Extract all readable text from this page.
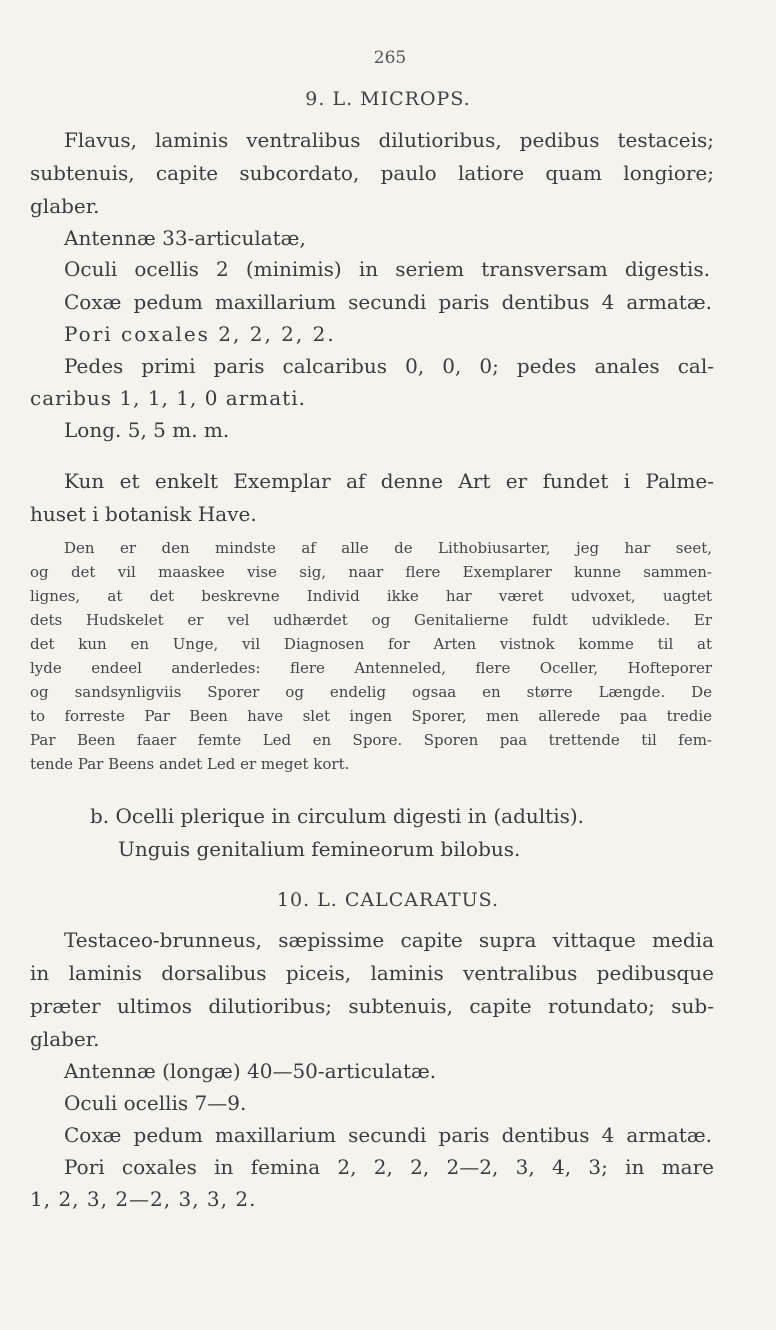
265
9. L. MICROPS.
Flavus, laminis ventralibus dilutioribus, pedibus testaceis;
subtenuis, capite subcordato, paulo latiore quam longiore;
glaber.
Antennæ 33-articulatæ,
Oculi ocellis 2 (minimis) in seriem transversam digestis.
Coxæ pedum maxillarium secundi paris dentibus 4 armatæ.
Pori coxales 2, 2, 2, 2.
Pedes primi paris calcaribus 0, 0, 0; pedes anales cal-
caribus 1, 1, 1, 0 armati.
Long. 5, 5 m. m.
Kun et enkelt Exemplar af denne Art er fundet i Palme-
huset i botanisk Have.
Den er den mindste af alle de Lithobiusarter, jeg har seet,
og det vil maaskee vise sig, naar flere Exemplarer kunne sammen-
lignes, at det beskrevne Individ ikke har været udvoxet, uagtet
dets Hudskelet er vel udhærdet og Genitalierne fuldt udviklede. Er
det kun en Unge, vil Diagnosen for Arten vistnok komme til at
lyde endeel anderledes: flere Antenneled, flere Oceller, Hofteporer
og sandsynligviis Sporer og endelig ogsaa en større Længde. De
to forreste Par Been have slet ingen Sporer, men allerede paa tredie
Par Been faaer femte Led en Spore. Sporen paa trettende til fem-
tende Par Beens andet Led er meget kort.
b. Ocelli plerique in circulum digesti in (adultis).
Unguis genitalium femineorum bilobus.
10. L. CALCARATUS.
Testaceo-brunneus, sæpissime capite supra vittaque media
in laminis dorsalibus piceis, laminis ventralibus pedibusque
præter ultimos dilutioribus; subtenuis, capite rotundato; sub-
glaber.
Antennæ (longæ) 40—50-articulatæ.
Oculi ocellis 7—9.
Coxæ pedum maxillarium secundi paris dentibus 4 armatæ.
Pori coxales in femina 2, 2, 2, 2—2, 3, 4, 3; in mare
1, 2, 3, 2—2, 3, 3, 2.
